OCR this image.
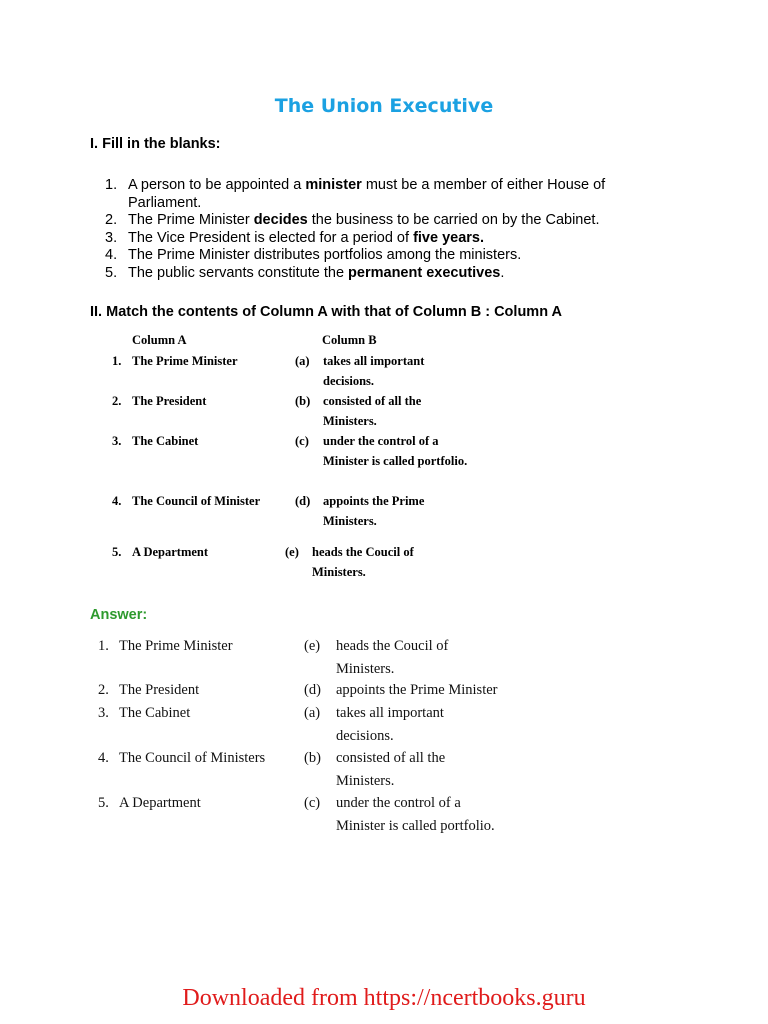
The Union Executive
I. Fill in the blanks:
1. A person to be appointed a minister must be a member of either House of Parliament.
2. The Prime Minister decides the business to be carried on by the Cabinet.
3. The Vice President is elected for a period of five years.
4. The Prime Minister distributes portfolios among the ministers.
5. The public servants constitute the permanent executives.
II. Match the contents of Column A with that of Column B : Column A
Column A	Column B
1. The Prime Minister	(a) takes all important decisions.
2. The President	(b) consisted of all the Ministers.
3. The Cabinet	(c) under the control of a Minister is called portfolio.
4. The Council of Minister	(d) appoints the Prime Ministers.
5. A Department	(e) heads the Coucil of Ministers.
Answer:
1. The Prime Minister	(e) heads the Coucil of Ministers.
2. The President	(d) appoints the Prime Minister
3. The Cabinet	(a) takes all important decisions.
4. The Council of Ministers	(b) consisted of all the Ministers.
5. A Department	(c) under the control of a Minister is called portfolio.
Downloaded from https://ncertbooks.guru
